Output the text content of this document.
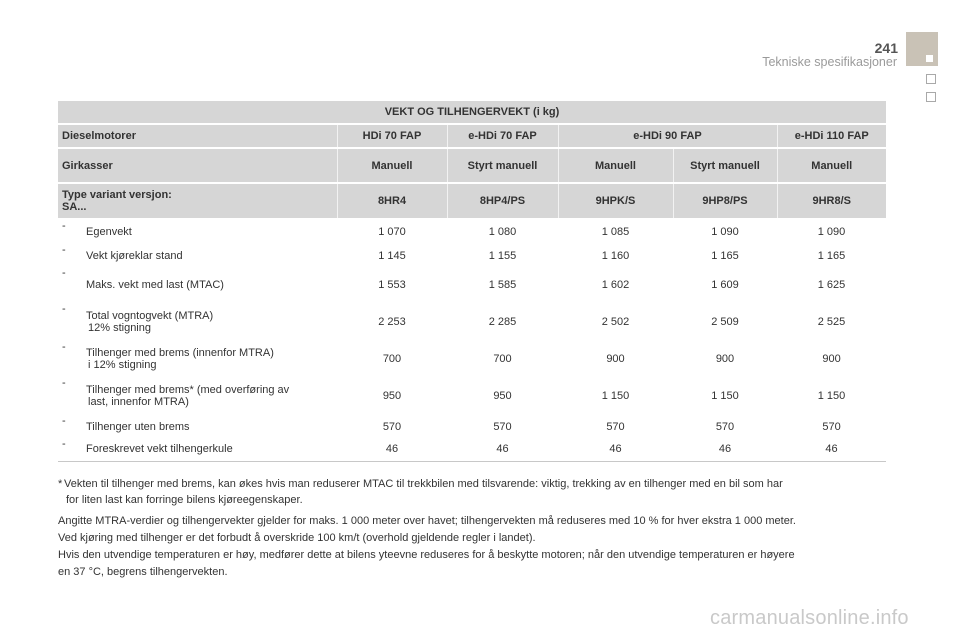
241
Tekniske spesifikasjoner
VEKT OG TILHENGERVEKT (i kg)					
Dieselmotorer	HDi 70 FAP	e-HDi 70 FAP	e-HDi 90 FAP		e-HDi 110 FAP
Girkasser	Manuell	Styrt manuell	Manuell	Styrt manuell	Manuell

Type variant versjon:
SA...	8HR4	8HP4/PS	9HPK/S	9HP8/PS	9HR8/S

- Egenvekt	1 070	1 080	1 085	1 090	1 090

- Vekt kjøreklar stand	1 145	1 155	1 160	1 165	1 165

-
Maks. vekt med last (MTAC)	1 553	1 585	1 602	1 609	1 625

-
Total vogntogvekt (MTRA)
12% stigning	2 253	2 285	2 502	2 509	2 525

- Tilhenger med brems (innenfor MTRA)
i 12% stigning	700	700	900	900	900

-
Tilhenger med brems* (med overføring av
last, innenfor MTRA)	950	950	1 150	1 150	1 150

- Tilhenger uten brems	570	570	570	570	570

- Foreskrevet vekt tilhengerkule	46	46	46	46	46
* Vekten til tilhenger med brems, kan økes hvis man reduserer MTAC til trekkbilen med tilsvarende: viktig, trekking av en tilhenger med en bil som har
for liten last kan forringe bilens kjøreegenskaper.
Angitte MTRA-verdier og tilhengervekter gjelder for maks. 1 000 meter over havet; tilhengervekten må reduseres med 10 % for hver ekstra 1 000 meter.
Ved kjøring med tilhenger er det forbudt å overskride 100 km/t (overhold gjeldende regler i landet).
Hvis den utvendige temperaturen er høy, medfører dette at bilens yteevne reduseres for å beskytte motoren; når den utvendige temperaturen er høyere
en 37 °C, begrens tilhengervekten.
carmanualsonline.info
